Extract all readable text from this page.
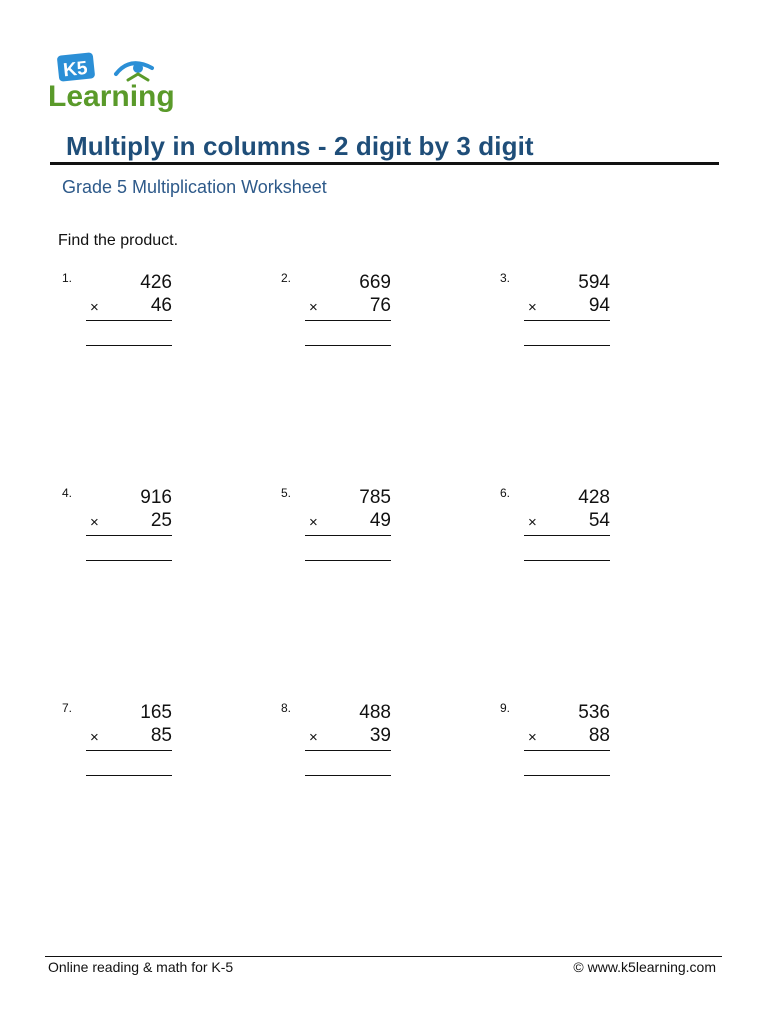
K5
Learning
Multiply in columns - 2 digit by 3 digit
Grade 5 Multiplication Worksheet
Find the product.
1.	426
×	46
2.	669
×	76
3.	594
×	94
4.	916
×	25
5.	785
×	49
6.	428
×	54
7.	165
×	85
8.	488
×	39
9.	536
×	88
Online reading & math for K-5	© www.k5learning.com
